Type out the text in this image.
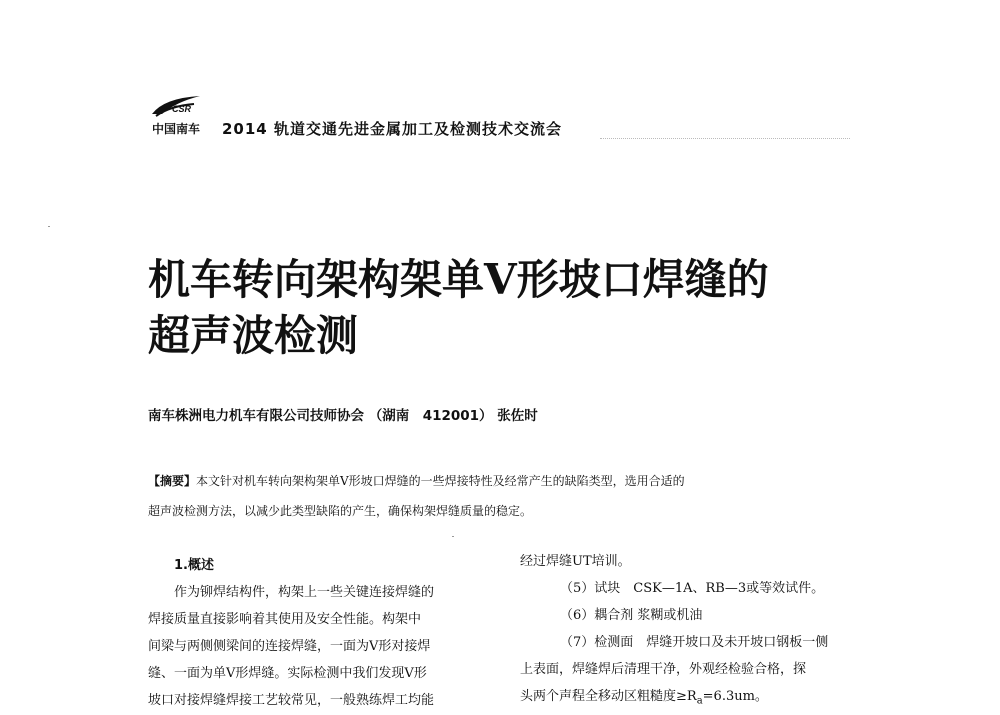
CSR
中国南车 2014 轨道交通先进金属加工及检测技术交流会
机车转向架构架单V形坡口焊缝的
超声波检测
南车株洲电力机车有限公司技师协会 （湖南　412001） 张佐时
【摘要】本文针对机车转向架构架单V形坡口焊缝的一些焊接特性及经常产生的缺陷类型，选用合适的
超声波检测方法，以减少此类型缺陷的产生，确保构架焊缝质量的稳定。

1.概述

作为铆焊结构件，构架上一些关键连接焊缝的

焊接质量直接影响着其使用及安全性能。构架中

间梁与两侧侧梁间的连接焊缝，一面为V形对接焊

缝、一面为单V形焊缝。实际检测中我们发现V形

坡口对接焊缝焊接工艺较常见，一般熟练焊工均能

经过焊缝UT培训。

（5）试块　CSK—1A、RB—3或等效试件。

（6）耦合剂 浆糊或机油

（7）检测面　焊缝开坡口及未开坡口钢板一侧

上表面，焊缝焊后清理干净，外观经检验合格，探

头两个声程全移动区粗糙度$\ge R_a=6.3um$。
